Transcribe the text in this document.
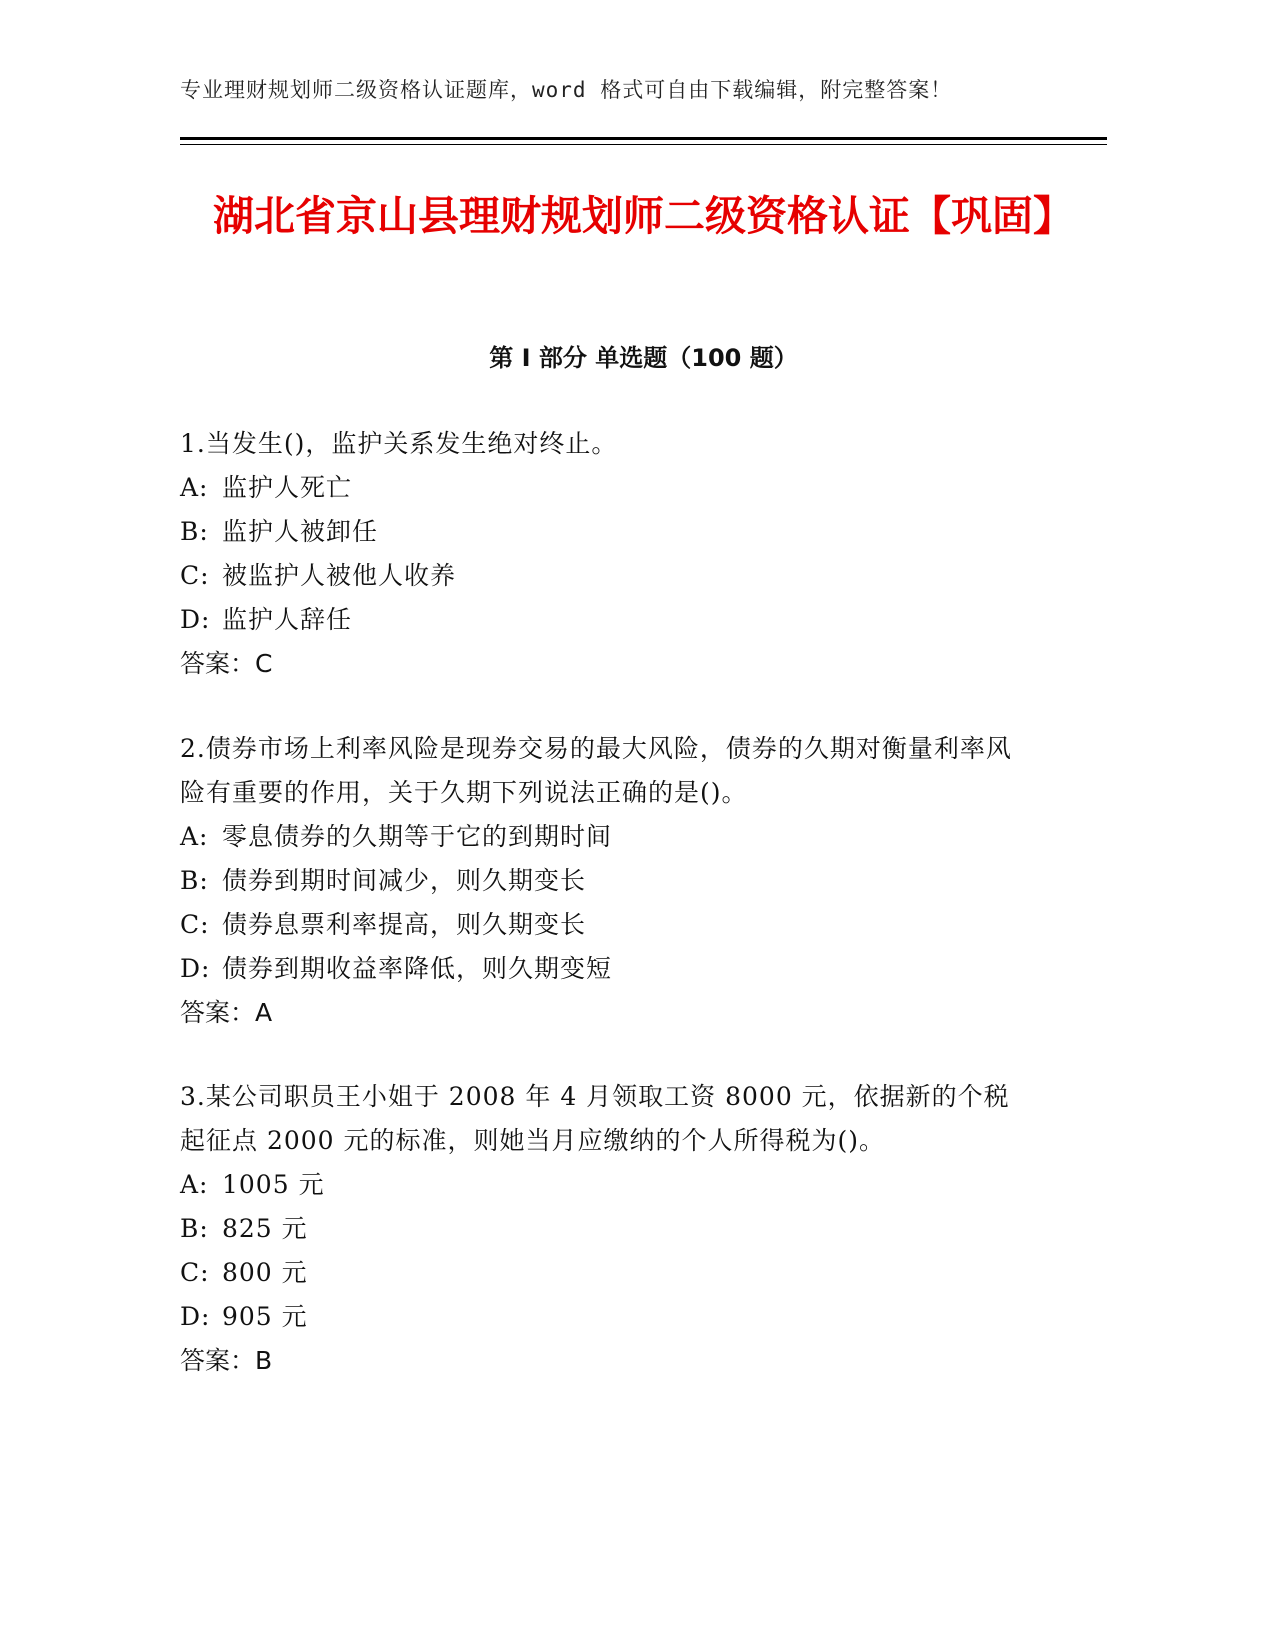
专业理财规划师二级资格认证题库，word 格式可自由下载编辑，附完整答案！
湖北省京山县理财规划师二级资格认证【巩固】
第 I 部分 单选题（100 题）

1.当发生()，监护关系发生绝对终止。

A: 监护人死亡

B: 监护人被卸任

C: 被监护人被他人收养

D: 监护人辞任

答案：C

2.债券市场上利率风险是现券交易的最大风险，债券的久期对衡量利率风险有重要的作用，关于久期下列说法正确的是()。

A: 零息债券的久期等于它的到期时间

B: 债券到期时间减少，则久期变长

C: 债券息票利率提高，则久期变长

D: 债券到期收益率降低，则久期变短

答案：A

3.某公司职员王小姐于 2008 年 4 月领取工资 8000 元，依据新的个税起征点 2000 元的标准，则她当月应缴纳的个人所得税为()。

A: 1005 元

B: 825 元

C: 800 元

D: 905 元

答案：B
